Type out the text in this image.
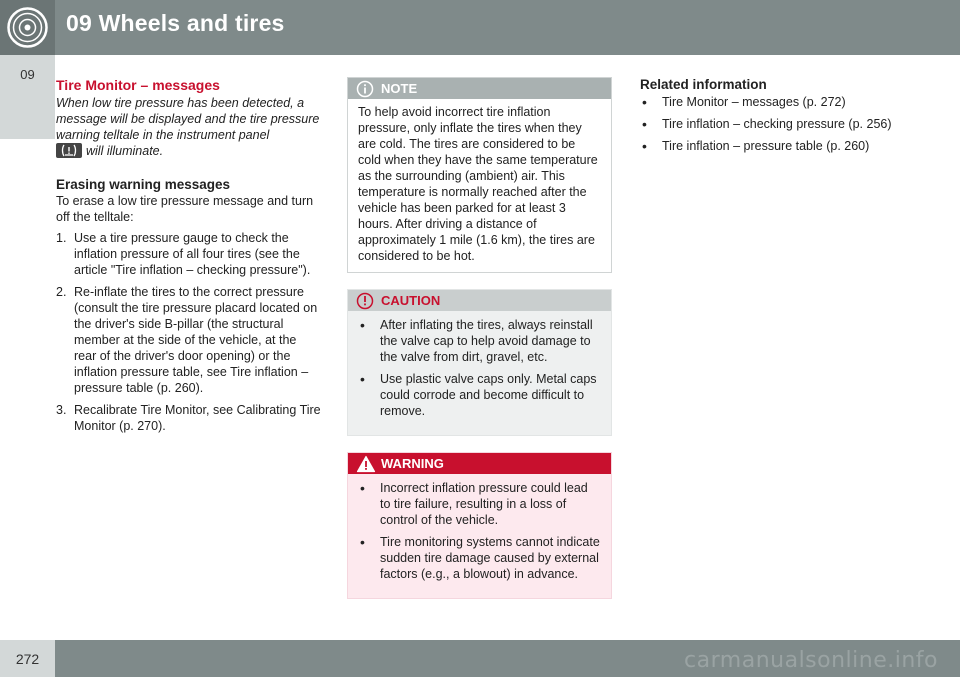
09 Wheels and tires
09
Tire Monitor – messages

When low tire pressure has been detected, a message will be displayed and the tire pressure warning telltale in the instrument panel

will illuminate.

Erasing warning messages

To erase a low tire pressure message and turn off the telltale:

1. Use a tire pressure gauge to check the inflation pressure of all four tires (see the article "Tire inflation – checking pressure").
2. Re-inflate the tires to the correct pressure (consult the tire pressure placard located on the driver's side B-pillar (the structural member at the side of the vehicle, at the rear of the driver's door opening) or the inflation pressure table, see Tire inflation – pressure table (p. 260).
3. Recalibrate Tire Monitor, see Calibrating Tire Monitor (p. 270).
NOTE
To help avoid incorrect tire inflation pressure, only inflate the tires when they are cold. The tires are considered to be cold when they have the same temperature as the surrounding (ambient) air. This temperature is normally reached after the vehicle has been parked for at least 3 hours. After driving a distance of approximately 1 mile (1.6 km), the tires are considered to be hot.
CAUTION
• After inflating the tires, always reinstall the valve cap to help avoid damage to the valve from dirt, gravel, etc.
• Use plastic valve caps only. Metal caps could corrode and become difficult to remove.
WARNING
• Incorrect inflation pressure could lead to tire failure, resulting in a loss of control of the vehicle.
• Tire monitoring systems cannot indicate sudden tire damage caused by external factors (e.g., a blowout) in advance.
Related information
• Tire Monitor – messages (p. 272)
• Tire inflation – checking pressure (p. 256)
• Tire inflation – pressure table (p. 260)
272	carmanualsonline.info
